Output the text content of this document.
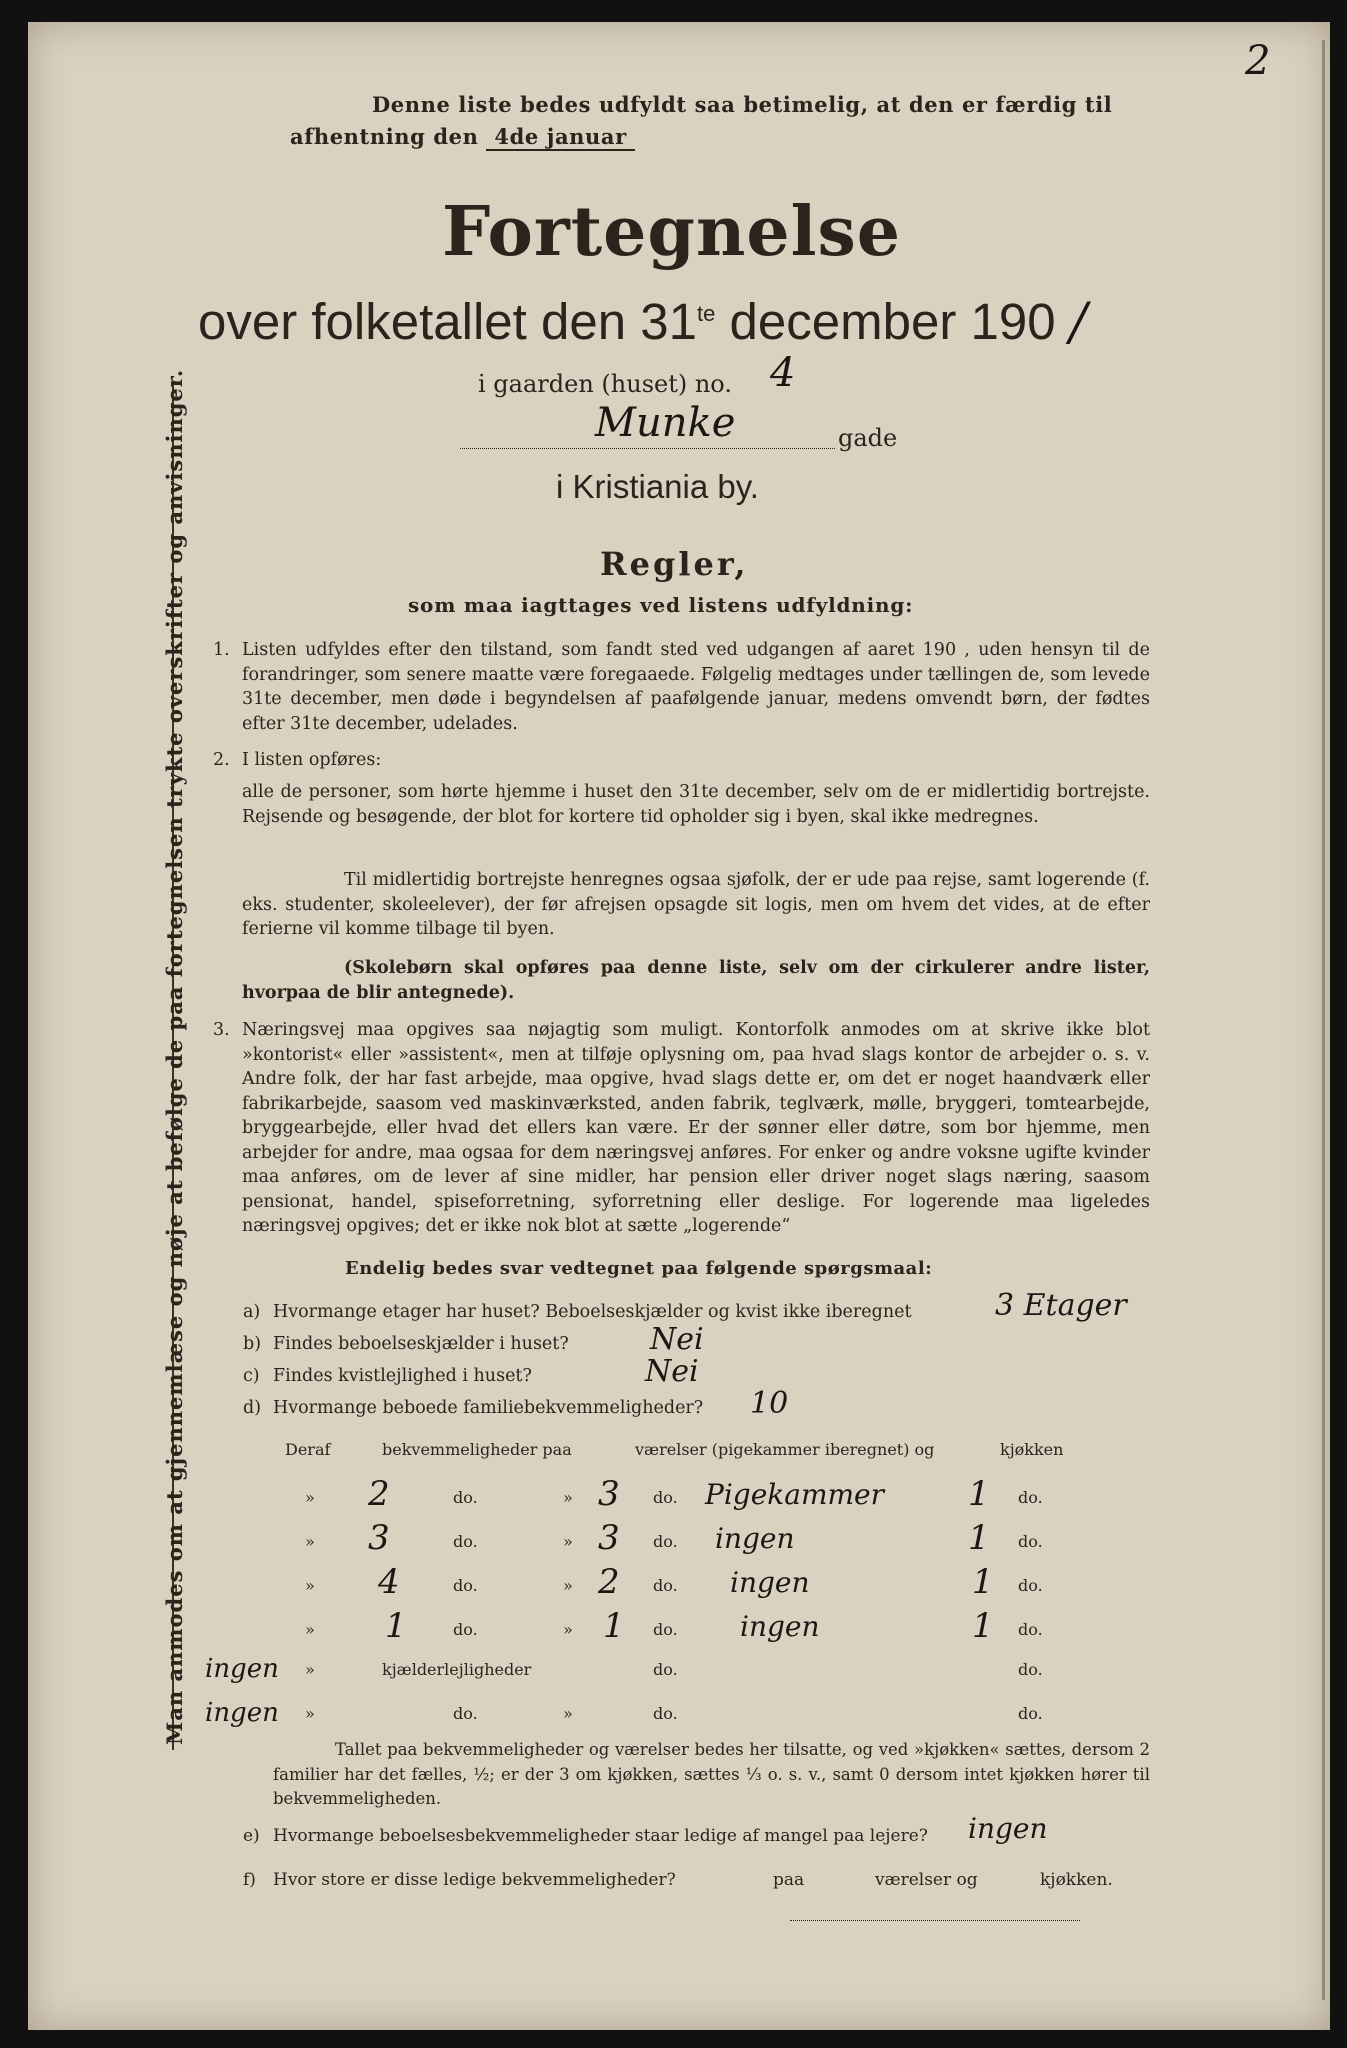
2
Denne liste bedes udfyldt saa betimelig, at den er færdig til
afhentning den 4de januar
Fortegnelse
over folketallet den $31^{te}$ december 190 /
i gaarden (huset) no. 4
Munke	gade
i Kristiania by.
Regler,
som maa iagttages ved listens udfyldning:
1. Listen udfyldes efter den tilstand, som fandt sted ved udgangen af aaret 190 , uden hensyn til de forandringer, som senere maatte være foregaaede. Følgelig medtages under tællingen de, som levede 31te december, men døde i begyndelsen af paafølgende januar, medens omvendt børn, der fødtes efter 31te december, udelades.

2. I listen opføres:

alle de personer, som hørte hjemme i huset den 31te december, selv om de er midlertidig bortrejste. Rejsende og besøgende, der blot for kortere tid opholder sig i byen, skal ikke medregnes.

Til midlertidig bortrejste henregnes ogsaa sjøfolk, der er ude paa rejse, samt logerende (f. eks. studenter, skoleelever), der før afrejsen opsagde sit logis, men om hvem det vides, at de efter ferierne vil komme tilbage til byen.

(Skolebørn skal opføres paa denne liste, selv om der cirkulerer andre lister, hvorpaa de blir antegnede).

3. Næringsvej maa opgives saa nøjagtig som muligt. Kontorfolk anmodes om at skrive ikke blot »kontorist« eller »assistent«, men at tilføje oplysning om, paa hvad slags kontor de arbejder o. s. v. Andre folk, der har fast arbejde, maa opgive, hvad slags dette er, om det er noget haandværk eller fabrikarbejde, saasom ved maskinværksted, anden fabrik, teglværk, mølle, bryggeri, tomtearbejde, bryggearbejde, eller hvad det ellers kan være. Er der sønner eller døtre, som bor hjemme, men arbejder for andre, maa ogsaa for dem næringsvej anføres. For enker og andre voksne ugifte kvinder maa anføres, om de lever af sine midler, har pension eller driver noget slags næring, saasom pensionat, handel, spiseforretning, syforretning eller deslige. For logerende maa ligeledes næringsvej opgives; det er ikke nok blot at sætte „logerende“

Endelig bedes svar vedtegnet paa følgende spørgsmaal:
a) Hvormange etager har huset? Beboelseskjælder og kvist ikke iberegnet	3 Etager
b) Findes beboelseskjælder i huset?	Nei
c) Findes kvistlejlighed i huset?	Nei
d) Hvormange beboede familiebekvemmeligheder? 10
Deraf	bekvemmeligheder paa	værelser (pigekammer iberegnet) og	kjøkken
» 2	do.	» 3 do. Pigekammer 1 do.
» 3	do.	» 3 do. ingen	1 do.
» 4	do.	» 2 do. ingen	1 do.
» 1	do.	» 1 do. ingen	1 do.
ingen »	kjælderlejligheder	do.	do.
ingen »	do.	»	do.	do.

Tallet paa bekvemmeligheder og værelser bedes her tilsatte, og ved »kjøkken« sættes, dersom 2 familier har det fælles, ½; er der 3 om kjøkken, sættes ⅓ o. s. v., samt 0 dersom intet kjøkken hører til bekvemmeligheden.

e) Hvormange beboelsesbekvemmeligheder staar ledige af mangel paa lejere? ingen
f) Hvor store er disse ledige bekvemmeligheder?	paa	værelser og	kjøkken.
Man anmodes om at gjennemlæse og nøje at befølge de paa fortegnelsen trykte overskrifter og anvisninger.
